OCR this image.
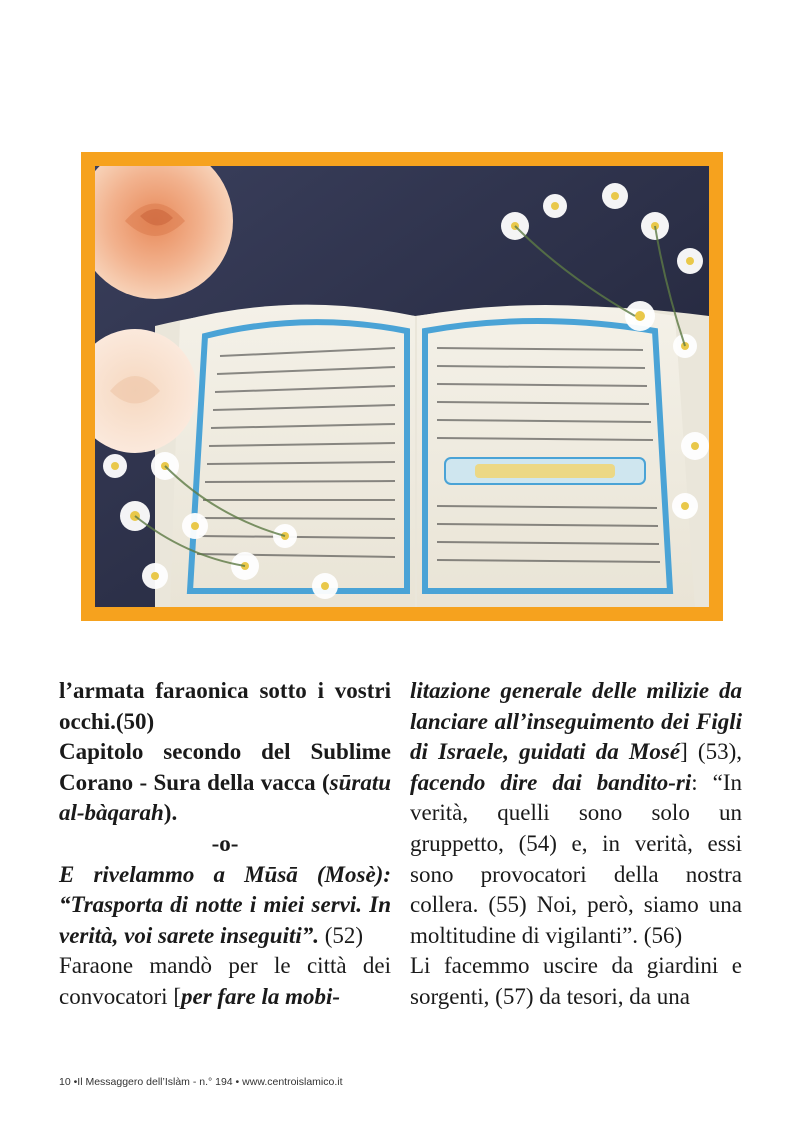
l’armata faraonica sotto i vostri occhi.(50)

Capitolo secondo del Sublime Corano - Sura della vacca (sūratu al-bàqarah).

-o-

E rivelammo a Mūsā (Mosè): “Trasporta di notte i miei servi. In verità, voi sarete inseguiti”. (52)

Faraone mandò per le città dei convocatori [per fare la mobi-

litazione generale delle milizie da lanciare all’inseguimento dei Figli di Israele, guidati da Mosé] (53), facendo dire dai bandito-ri: “In verità, quelli sono solo un gruppetto, (54) e, in verità, essi sono provocatori della nostra collera. (55) Noi, però, siamo una moltitudine di vigilanti”. (56)

Li facemmo uscire da giardini e sorgenti, (57) da tesori, da una

10 •Il Messaggero dell’Islàm - n.° 194 • www.centroislamico.it
